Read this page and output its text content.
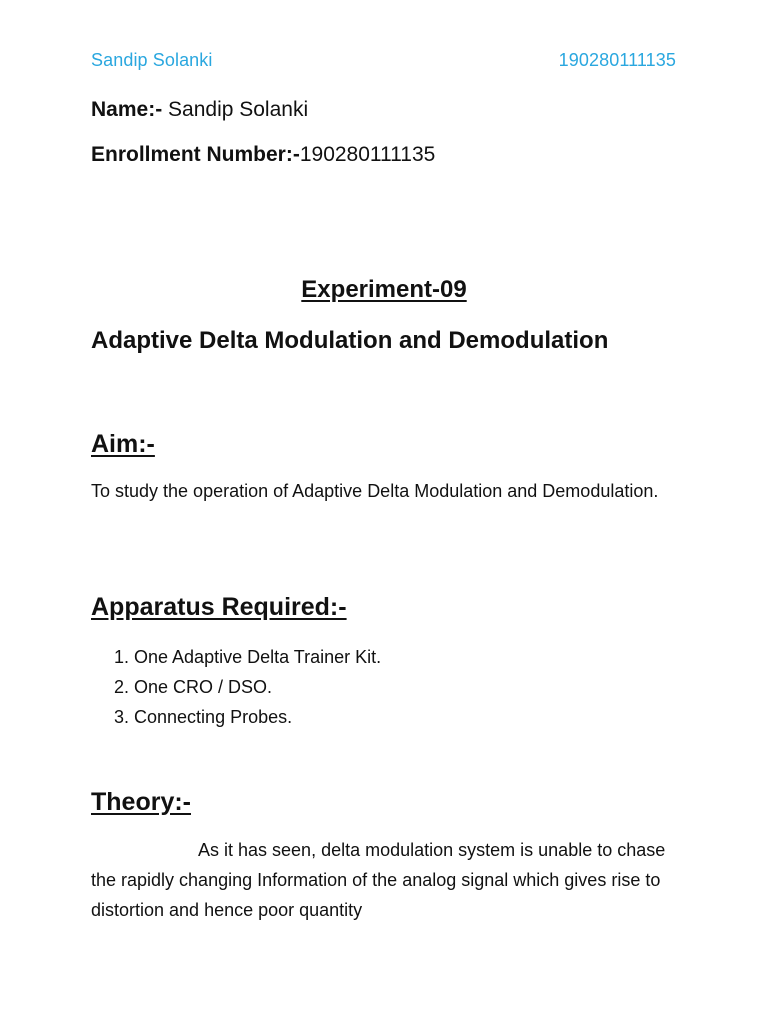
Sandip Solanki	190280111135
Name:- Sandip Solanki
Enrollment Number:-190280111135
Experiment-09
Adaptive Delta Modulation and Demodulation
Aim:-
To study the operation of Adaptive Delta Modulation and Demodulation.
Apparatus Required:-
1. One Adaptive Delta Trainer Kit.
2. One CRO / DSO.
3. Connecting Probes.
Theory:-
As it has seen, delta modulation system is unable to chase the rapidly changing Information of the analog signal which gives rise to distortion and hence poor quantity
